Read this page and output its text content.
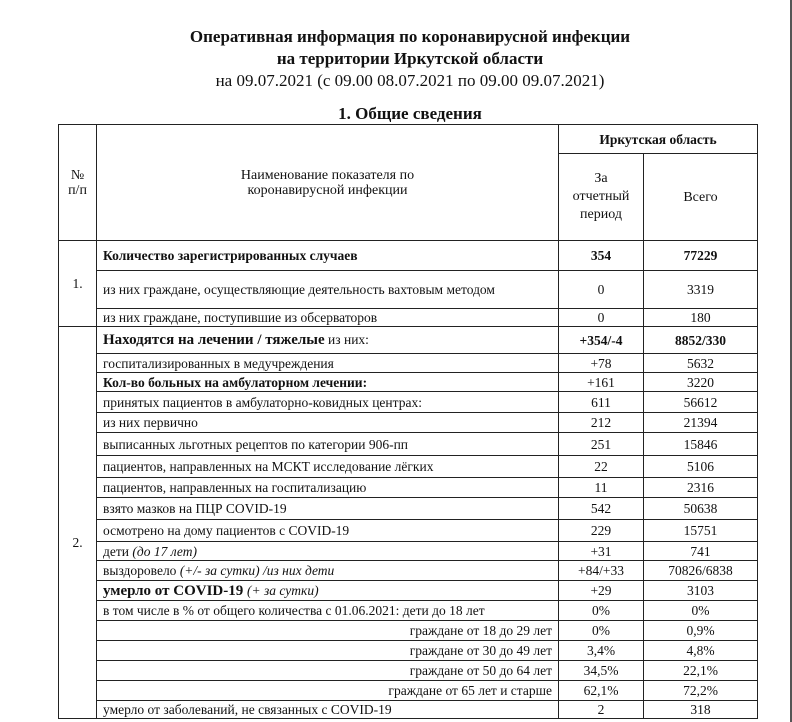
Оперативная информация по коронавирусной инфекции
на территории Иркутской области
на 09.07.2021 (с 09.00 08.07.2021 по 09.00 09.07.2021)
1. Общие сведения
№ п/п	Наименование показателя по коронавирусной инфекции	Иркутская область	
		За отчетный период	Всего
1.	Количество зарегистрированных случаев	354	77229
	из них граждане, осуществляющие деятельность вахтовым методом	0	3319
	из них граждане, поступившие из обсерваторов	0	180
2.	Находятся на лечении / тяжелые из них:	+354/-4	8852/330
	госпитализированных в медучреждения	+78	5632
	Кол-во больных на амбулаторном лечении:	+161	3220
	принятых пациентов в амбулаторно-ковидных центрах:	611	56612
	из них первично	212	21394
	выписанных льготных рецептов по категории 906-пп	251	15846
	пациентов, направленных на МСКТ исследование лёгких	22	5106
	пациентов, направленных на госпитализацию	11	2316
	взято мазков на ПЦР COVID-19	542	50638
	осмотрено на дому пациентов с COVID-19	229	15751
	дети (до 17 лет)	+31	741
	выздоровело (+/- за сутки) /из них дети	+84/+33	70826/6838
	умерло от COVID-19 (+ за сутки)	+29	3103
	в том числе в % от общего количества с 01.06.2021: дети до 18 лет	0%	0%
	граждане от 18 до 29 лет	0%	0,9%
	граждане от 30 до 49 лет	3,4%	4,8%
	граждане от 50 до 64 лет	34,5%	22,1%
	граждане от 65 лет и старше	62,1%	72,2%
	умерло от заболеваний, не связанных с COVID-19	2	318
